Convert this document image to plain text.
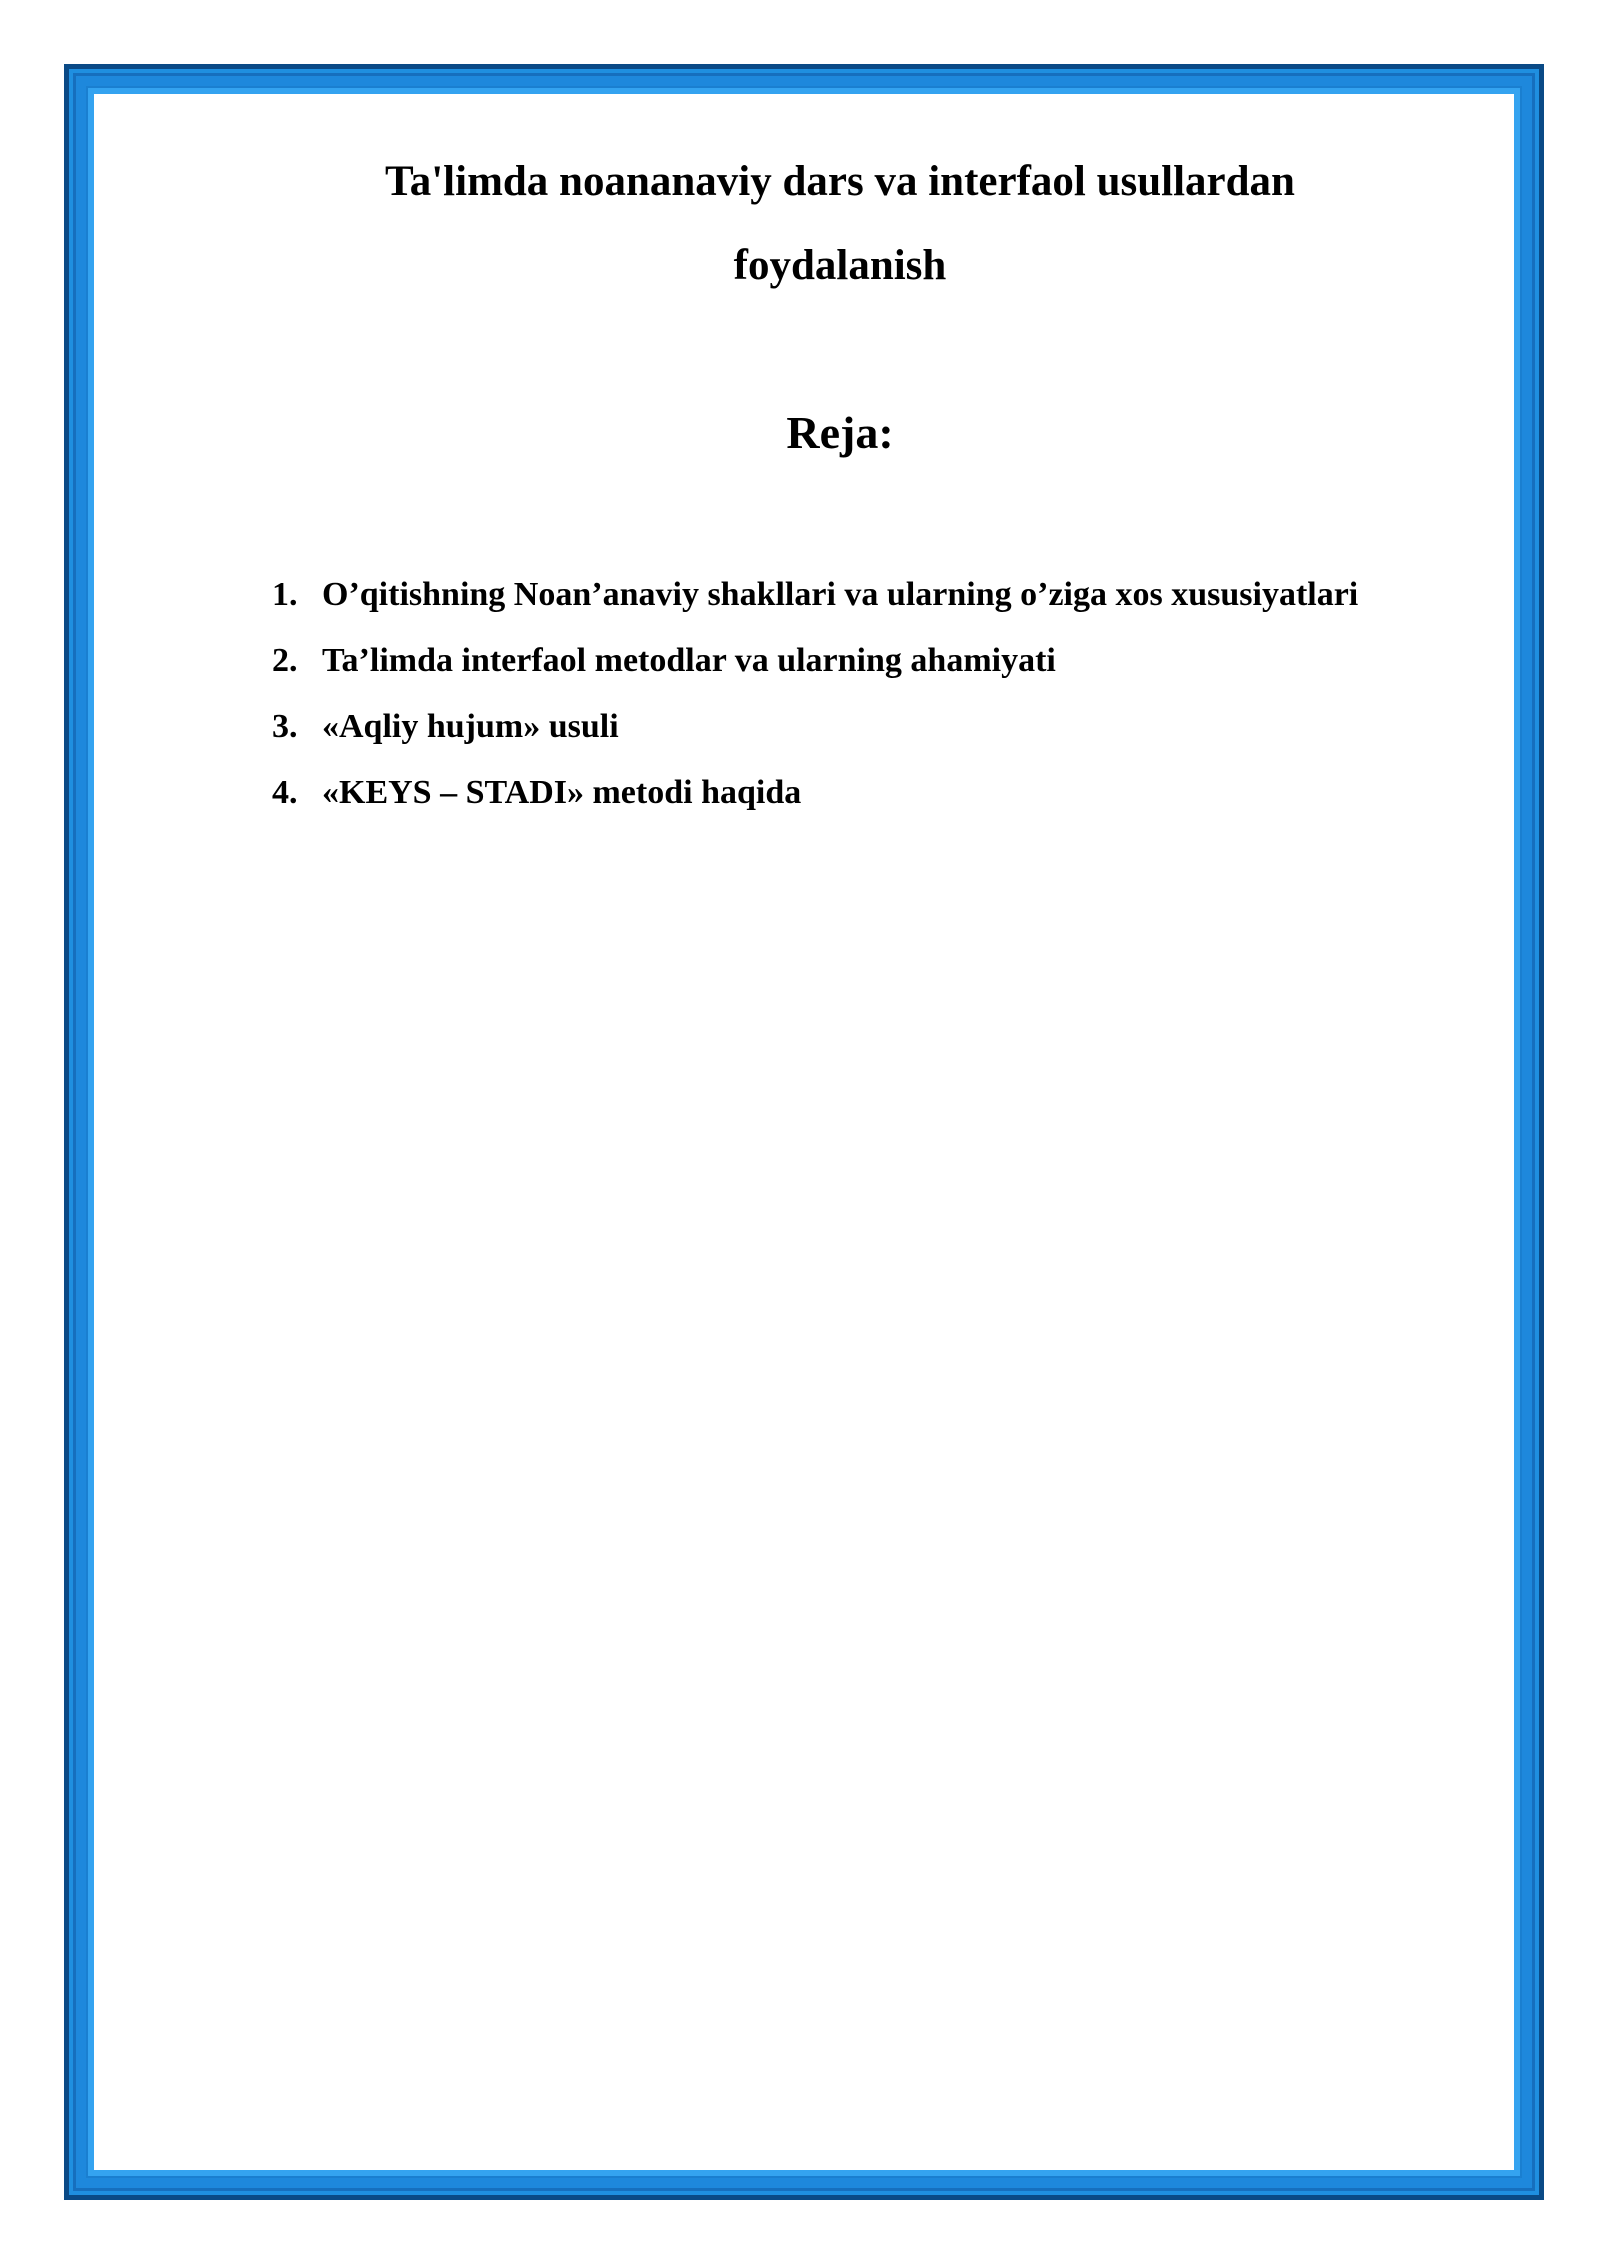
Ta'limda noananaviy dars va interfaol usullardan
foydalanish
Reja:
1. O’qitishning Noan’anaviy shakllari va ularning o’ziga xos xususiyatlari
2. Ta’limda interfaol metodlar va ularning ahamiyati
3. «Aqliy hujum» usuli
4. «KEYS – STADI» metodi haqida
